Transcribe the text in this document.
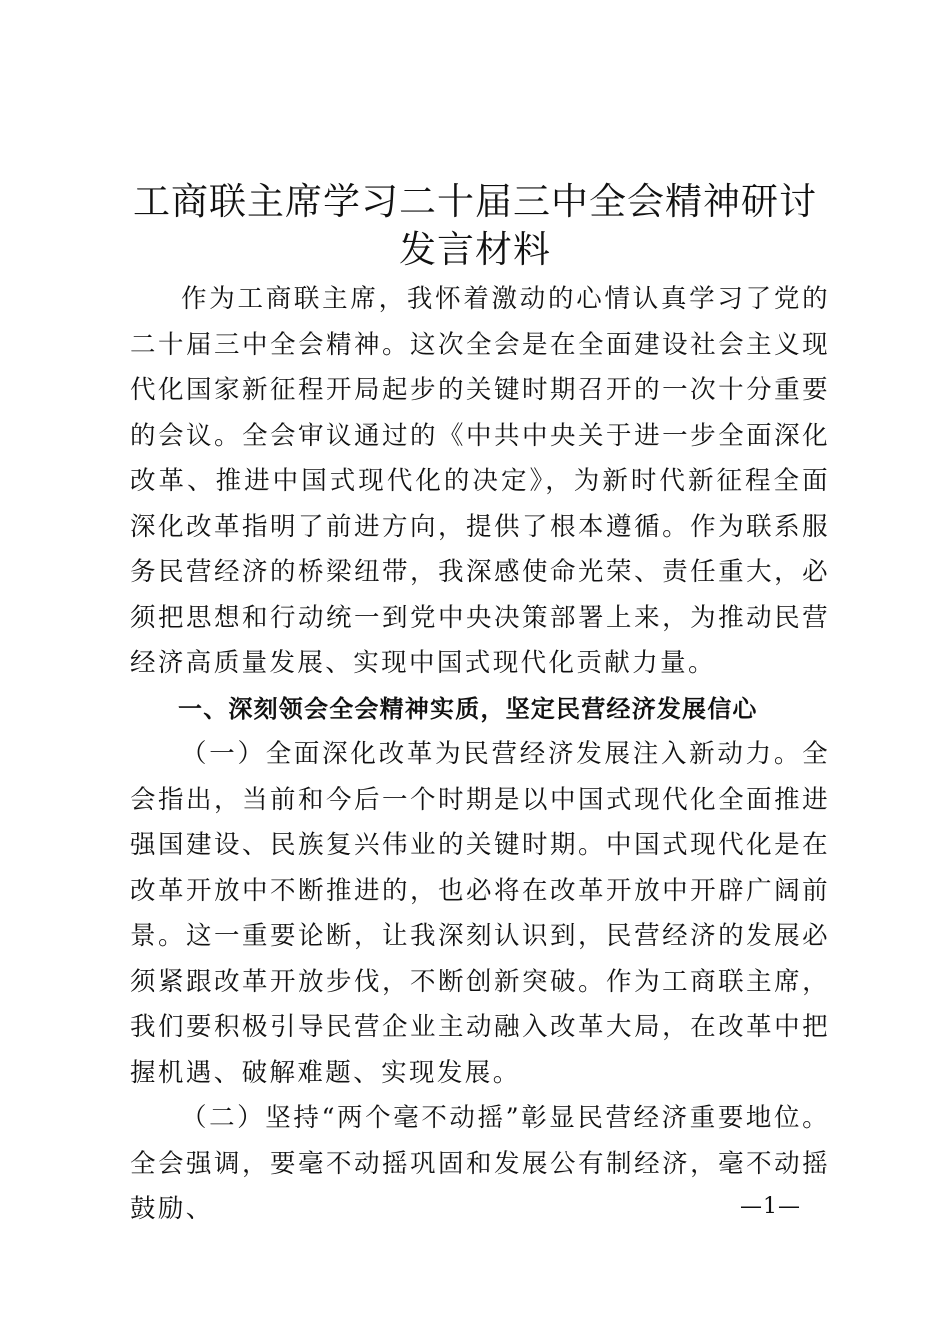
工商联主席学习二十届三中全会精神研讨发言材料

作为工商联主席，我怀着激动的心情认真学习了党的二十届三中全会精神。这次全会是在全面建设社会主义现代化国家新征程开局起步的关键时期召开的一次十分重要的会议。全会审议通过的《中共中央关于进一步全面深化改革、推进中国式现代化的决定》，为新时代新征程全面深化改革指明了前进方向，提供了根本遵循。作为联系服务民营经济的桥梁纽带，我深感使命光荣、责任重大，必须把思想和行动统一到党中央决策部署上来，为推动民营经济高质量发展、实现中国式现代化贡献力量。

一、深刻领会全会精神实质，坚定民营经济发展信心

（一）全面深化改革为民营经济发展注入新动力。全会指出，当前和今后一个时期是以中国式现代化全面推进强国建设、民族复兴伟业的关键时期。中国式现代化是在改革开放中不断推进的，也必将在改革开放中开辟广阔前景。这一重要论断，让我深刻认识到，民营经济的发展必须紧跟改革开放步伐，不断创新突破。作为工商联主席，我们要积极引导民营企业主动融入改革大局，在改革中把握机遇、破解难题、实现发展。

（二）坚持“两个毫不动摇”彰显民营经济重要地位。全会强调，要毫不动摇巩固和发展公有制经济，毫不动摇鼓励、	—1—
